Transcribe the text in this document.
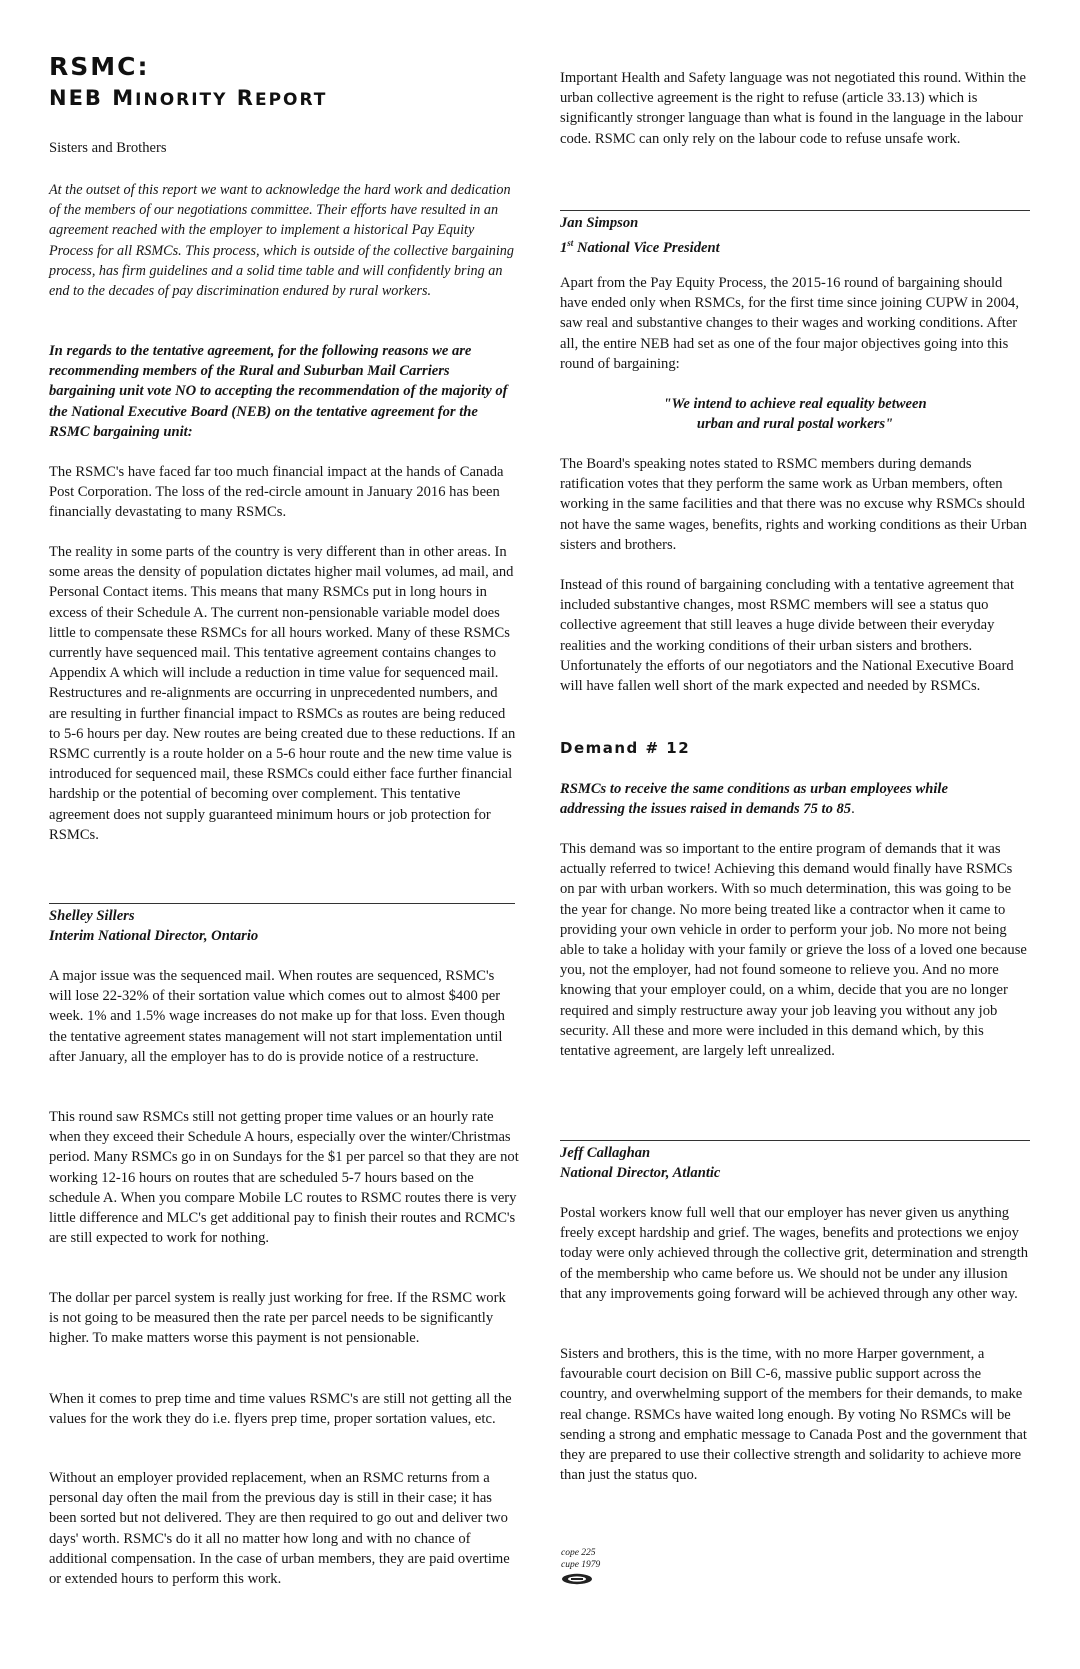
RSMC:
NEB MINORITY REPORT

Sisters and Brothers

At the outset of this report we want to acknowledge the hard work and dedication of the members of our negotiations committee. Their efforts have resulted in an agreement reached with the employer to implement a historical Pay Equity Process for all RSMCs. This process, which is outside of the collective bargaining process, has firm guidelines and a solid time table and will confidently bring an end to the decades of pay discrimination endured by rural workers.

In regards to the tentative agreement, for the following reasons we are recommending members of the Rural and Suburban Mail Carriers bargaining unit vote NO to accepting the recommendation of the majority of the National Executive Board (NEB) on the tentative agreement for the RSMC bargaining unit:

The RSMC's have faced far too much financial impact at the hands of Canada Post Corporation. The loss of the red-circle amount in January 2016 has been financially devastating to many RSMCs.

The reality in some parts of the country is very different than in other areas. In some areas the density of population dictates higher mail volumes, ad mail, and Personal Contact items. This means that many RSMCs put in long hours in excess of their Schedule A. The current non-pensionable variable model does little to compensate these RSMCs for all hours worked. Many of these RSMCs currently have sequenced mail. This tentative agreement contains changes to Appendix A which will include a reduction in time value for sequenced mail. Restructures and re-alignments are occurring in unprecedented numbers, and are resulting in further financial impact to RSMCs as routes are being reduced to 5-6 hours per day. New routes are being created due to these reductions. If an RSMC currently is a route holder on a 5-6 hour route and the new time value is introduced for sequenced mail, these RSMCs could either face further financial hardship or the potential of becoming over complement. This tentative agreement does not supply guaranteed minimum hours or job protection for RSMCs.

Shelley Sillers

Interim National Director, Ontario

A major issue was the sequenced mail. When routes are sequenced, RSMC's will lose 22-32% of their sortation value which comes out to almost $400 per week. 1% and 1.5% wage increases do not make up for that loss. Even though the tentative agreement states management will not start implementation until after January, all the employer has to do is provide notice of a restructure.

This round saw RSMCs still not getting proper time values or an hourly rate when they exceed their Schedule A hours, especially over the winter/Christmas period. Many RSMCs go in on Sundays for the $1 per parcel so that they are not working 12-16 hours on routes that are scheduled 5-7 hours based on the schedule A. When you compare Mobile LC routes to RSMC routes there is very little difference and MLC's get additional pay to finish their routes and RCMC's are still expected to work for nothing.

The dollar per parcel system is really just working for free. If the RSMC work is not going to be measured then the rate per parcel needs to be significantly higher. To make matters worse this payment is not pensionable.

When it comes to prep time and time values RSMC's are still not getting all the values for the work they do i.e. flyers prep time, proper sortation values, etc.

Without an employer provided replacement, when an RSMC returns from a personal day often the mail from the previous day is still in their case; it has been sorted but not delivered. They are then required to go out and deliver two days' worth. RSMC's do it all no matter how long and with no chance of additional compensation. In the case of urban members, they are paid overtime or extended hours to perform this work.

Important Health and Safety language was not negotiated this round. Within the urban collective agreement is the right to refuse (article 33.13) which is significantly stronger language than what is found in the language in the labour code. RSMC can only rely on the labour code to refuse unsafe work.

Jan Simpson

1st National Vice President

Apart from the Pay Equity Process, the 2015-16 round of bargaining should have ended only when RSMCs, for the first time since joining CUPW in 2004, saw real and substantive changes to their wages and working conditions. After all, the entire NEB had set as one of the four major objectives going into this round of bargaining:

"We intend to achieve real equality between

urban and rural postal workers"

The Board's speaking notes stated to RSMC members during demands ratification votes that they perform the same work as Urban members, often working in the same facilities and that there was no excuse why RSMCs should not have the same wages, benefits, rights and working conditions as their Urban sisters and brothers.

Instead of this round of bargaining concluding with a tentative agreement that included substantive changes, most RSMC members will see a status quo collective agreement that still leaves a huge divide between their everyday realities and the working conditions of their urban sisters and brothers. Unfortunately the efforts of our negotiators and the National Executive Board will have fallen well short of the mark expected and needed by RSMCs.

Demand # 12

RSMCs to receive the same conditions as urban employees while addressing the issues raised in demands 75 to 85.

This demand was so important to the entire program of demands that it was actually referred to twice! Achieving this demand would finally have RSMCs on par with urban workers. With so much determination, this was going to be the year for change. No more being treated like a contractor when it came to providing your own vehicle in order to perform your job. No more not being able to take a holiday with your family or grieve the loss of a loved one because you, not the employer, had not found someone to relieve you. And no more knowing that your employer could, on a whim, decide that you are no longer required and simply restructure away your job leaving you without any job security. All these and more were included in this demand which, by this tentative agreement, are largely left unrealized.

Jeff Callaghan

National Director, Atlantic

Postal workers know full well that our employer has never given us anything freely except hardship and grief. The wages, benefits and protections we enjoy today were only achieved through the collective grit, determination and strength of the membership who came before us. We should not be under any illusion that any improvements going forward will be achieved through any other way.

Sisters and brothers, this is the time, with no more Harper government, a favourable court decision on Bill C-6, massive public support across the country, and overwhelming support of the members for their demands, to make real change. RSMCs have waited long enough. By voting No RSMCs will be sending a strong and emphatic message to Canada Post and the government that they are prepared to use their collective strength and solidarity to achieve more than just the status quo.

cope 225
cupe 1979
